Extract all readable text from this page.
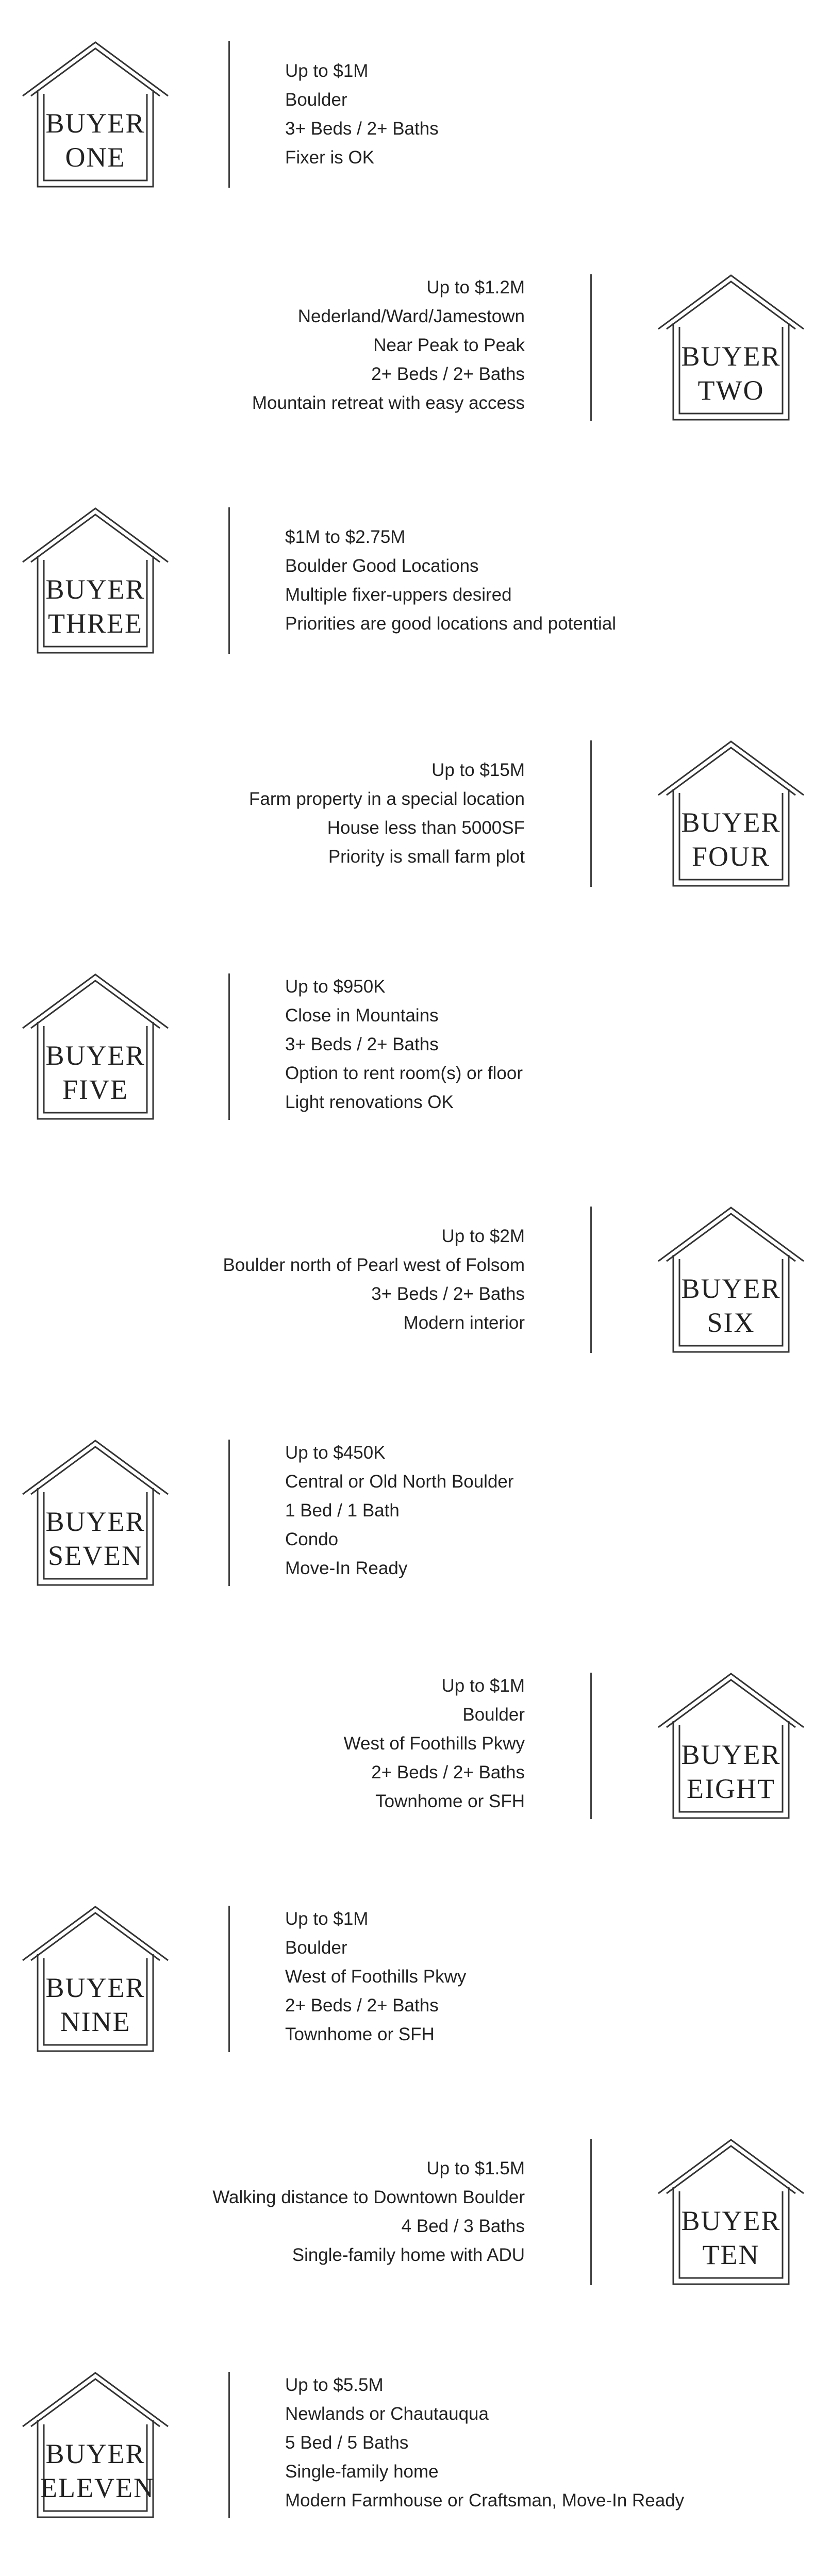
BUYER
ONE
Up to $1M
Boulder
3+ Beds / 2+ Baths
Fixer is OK
BUYER
TWO
Up to $1.2M
Nederland/Ward/Jamestown
Near Peak to Peak
2+ Beds / 2+ Baths
Mountain retreat with easy access
BUYER
THREE
$1M to $2.75M
Boulder Good Locations
Multiple fixer-uppers desired
Priorities are good locations and potential
BUYER
FOUR
Up to $15M
Farm property in a special location
House less than 5000SF
Priority is small farm plot
BUYER
FIVE
Up to $950K
Close in Mountains
3+ Beds / 2+ Baths
Option to rent room(s) or floor
Light renovations OK
BUYER
SIX
Up to $2M
Boulder north of Pearl west of Folsom
3+ Beds / 2+ Baths
Modern interior
BUYER
SEVEN
Up to $450K
Central or Old North Boulder
1 Bed / 1 Bath
Condo
Move-In Ready
BUYER
EIGHT
Up to $1M
Boulder
West of Foothills Pkwy
2+ Beds / 2+ Baths
Townhome or SFH
BUYER
NINE
Up to $1M
Boulder
West of Foothills Pkwy
2+ Beds / 2+ Baths
Townhome or SFH
BUYER
TEN
Up to $1.5M
Walking distance to Downtown Boulder
4 Bed / 3 Baths
Single-family home with ADU
BUYER
ELEVEN
Up to $5.5M
Newlands or Chautauqua
5 Bed / 5 Baths
Single-family home
Modern Farmhouse or Craftsman, Move-In Ready
